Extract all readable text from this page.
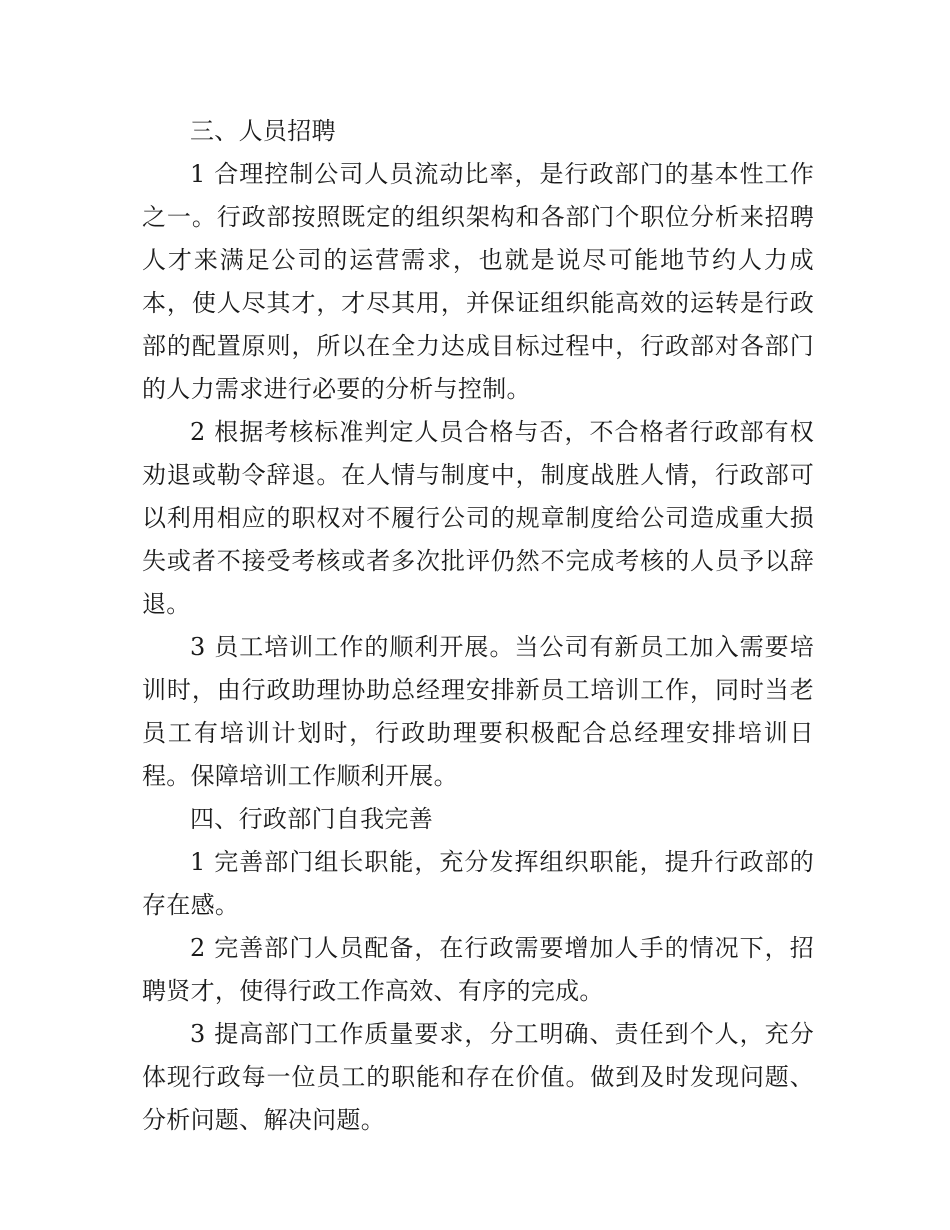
三、人员招聘

1 合理控制公司人员流动比率，是行政部门的基本性工作之一。行政部按照既定的组织架构和各部门个职位分析来招聘人才来满足公司的运营需求，也就是说尽可能地节约人力成本，使人尽其才，才尽其用，并保证组织能高效的运转是行政部的配置原则，所以在全力达成目标过程中，行政部对各部门的人力需求进行必要的分析与控制。

2 根据考核标准判定人员合格与否，不合格者行政部有权劝退或勒令辞退。在人情与制度中，制度战胜人情，行政部可以利用相应的职权对不履行公司的规章制度给公司造成重大损失或者不接受考核或者多次批评仍然不完成考核的人员予以辞退。

3 员工培训工作的顺利开展。当公司有新员工加入需要培训时，由行政助理协助总经理安排新员工培训工作，同时当老员工有培训计划时，行政助理要积极配合总经理安排培训日程。保障培训工作顺利开展。

四、行政部门自我完善

1 完善部门组长职能，充分发挥组织职能，提升行政部的存在感。

2 完善部门人员配备，在行政需要增加人手的情况下，招聘贤才，使得行政工作高效、有序的完成。

3 提高部门工作质量要求，分工明确、责任到个人，充分体现行政每一位员工的职能和存在价值。做到及时发现问题、分析问题、解决问题。
